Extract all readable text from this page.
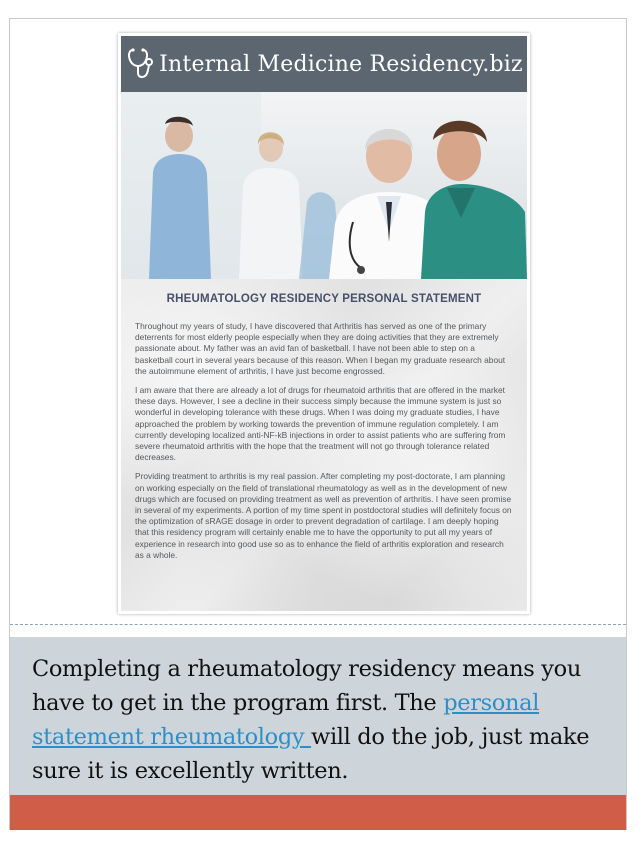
Internal Medicine Residency.biz
RHEUMATOLOGY RESIDENCY PERSONAL STATEMENT

Throughout my years of study, I have discovered that Arthritis has served as one of the primary deterrents for most elderly people especially when they are doing activities that they are extremely passionate about. My father was an avid fan of basketball. I have not been able to step on a basketball court in several years because of this reason. When I began my graduate research about the autoimmune element of arthritis, I have just become engrossed.

I am aware that there are already a lot of drugs for rheumatoid arthritis that are offered in the market these days. However, I see a decline in their success simply because the immune system is just so wonderful in developing tolerance with these drugs. When I was doing my graduate studies, I have approached the problem by working towards the prevention of immune regulation completely. I am currently developing localized anti-NF-kB injections in order to assist patients who are suffering from severe rheumatoid arthritis with the hope that the treatment will not go through tolerance related decreases.

Providing treatment to arthritis is my real passion. After completing my post-doctorate, I am planning on working especially on the field of translational rheumatology as well as in the development of new drugs which are focused on providing treatment as well as prevention of arthritis. I have seen promise in several of my experiments. A portion of my time spent in postdoctoral studies will definitely focus on the optimization of sRAGE dosage in order to prevent degradation of cartilage. I am deeply hoping that this residency program will certainly enable me to have the opportunity to put all my years of experience in research into good use so as to enhance the field of arthritis exploration and research as a whole.

Completing a rheumatology residency means you have to get in the program first. The personal statement rheumatology will do the job, just make sure it is excellently written.
